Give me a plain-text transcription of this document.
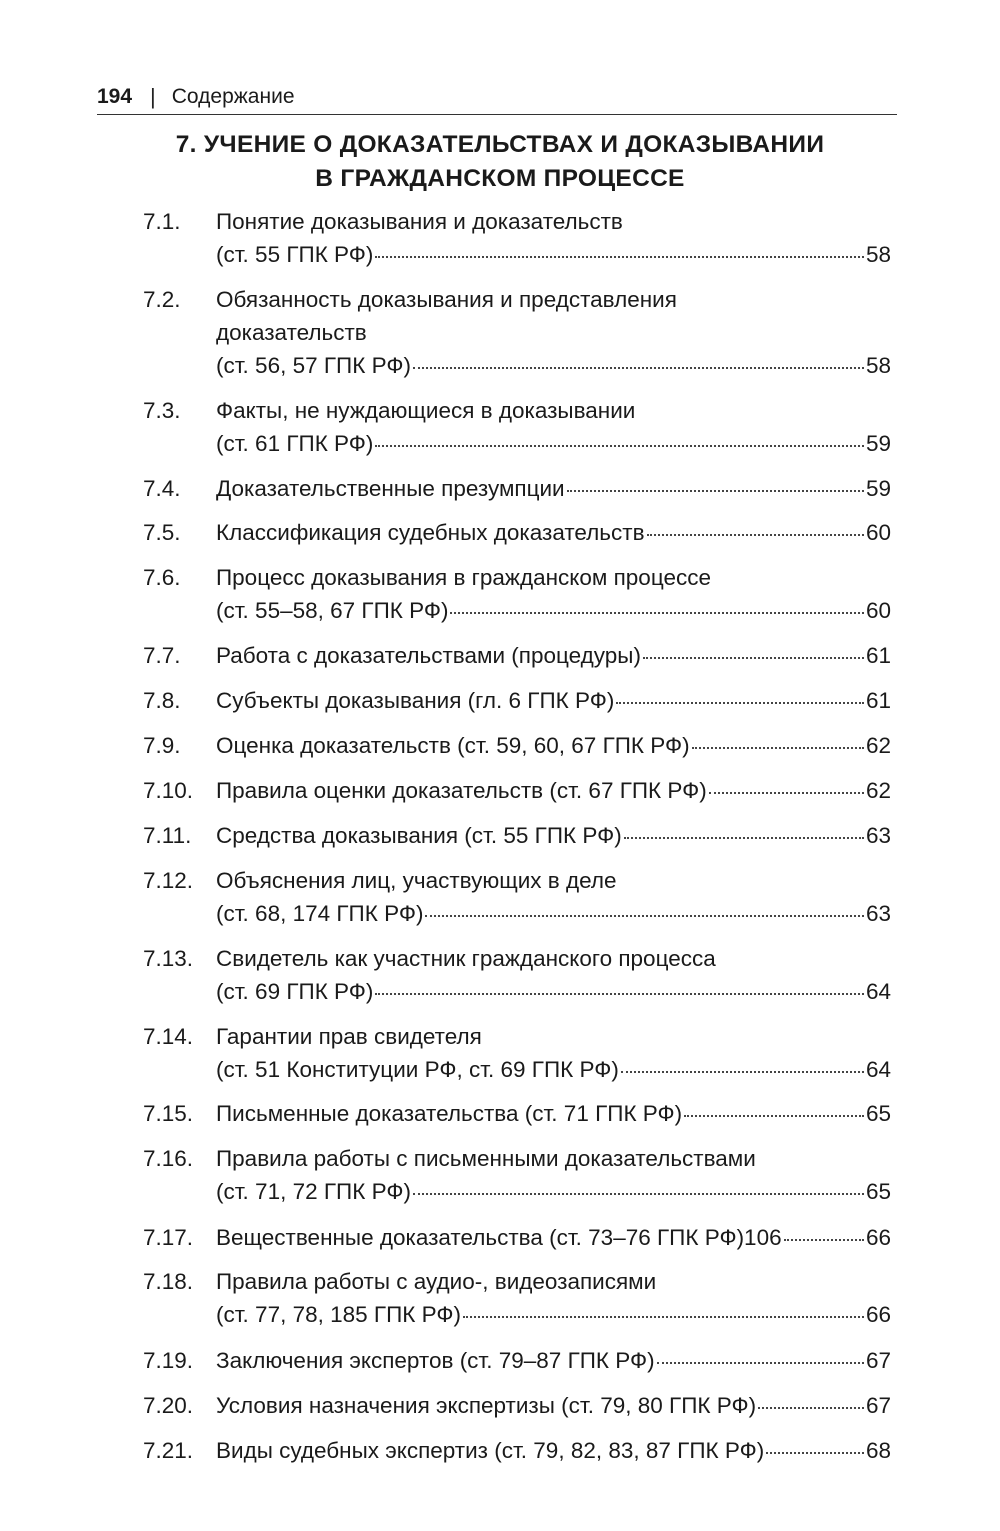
194 | Содержание
7. УЧЕНИЕ О ДОКАЗАТЕЛЬСТВАХ И ДОКАЗЫВАНИИ
В ГРАЖДАНСКОМ ПРОЦЕССЕ
7.1.	Понятие доказывания и доказательств
(ст. 55 ГПК РФ)	58
7.2.	Обязанность доказывания и представления
доказательств
(ст. 56, 57 ГПК РФ)	58
7.3.	Факты, не нуждающиеся в доказывании
(ст. 61 ГПК РФ)	59
7.4.	Доказательственные презумпции	59
7.5.	Классификация судебных доказательств	60
7.6.	Процесс доказывания в гражданском процессе
(ст. 55–58, 67 ГПК РФ)	60
7.7.	Работа с доказательствами (процедуры)	61
7.8.	Субъекты доказывания (гл. 6 ГПК РФ)	61
7.9.	Оценка доказательств (ст. 59, 60, 67 ГПК РФ)	62
7.10.	Правила оценки доказательств (ст. 67 ГПК РФ)	62
7.11.	Средства доказывания (ст. 55 ГПК РФ)	63
7.12.	Объяснения лиц, участвующих в деле
(ст. 68, 174 ГПК РФ)	63
7.13.	Свидетель как участник гражданского процесса
(ст. 69 ГПК РФ)	64
7.14.	Гарантии прав свидетеля
(ст. 51 Конституции РФ, ст. 69 ГПК РФ)	64
7.15.	Письменные доказательства (ст. 71 ГПК РФ)	65
7.16.	Правила работы с письменными доказательствами
(ст. 71, 72 ГПК РФ)	65
7.17.	Вещественные доказательства (ст. 73–76 ГПК РФ)106	66
7.18.	Правила работы с аудио-, видеозаписями
(ст. 77, 78, 185 ГПК РФ)	66
7.19.	Заключения экспертов (ст. 79–87 ГПК РФ)	67
7.20.	Условия назначения экспертизы (ст. 79, 80 ГПК РФ)	67
7.21.	Виды судебных экспертиз (ст. 79, 82, 83, 87 ГПК РФ)	68
